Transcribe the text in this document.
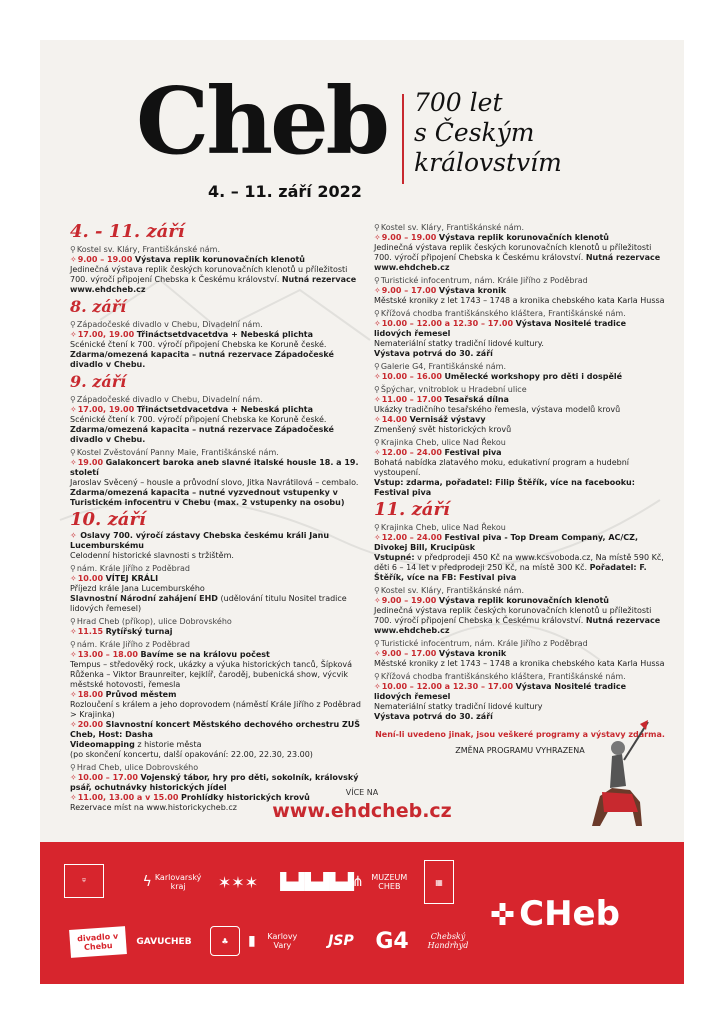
Cheb 700 let
s Českým
královstvím
4. – 11. září 2022
4. - 11. září
⚲ Kostel sv. Kláry, Františkánské nám.
✧ 9.00 – 19.00 Výstava replik korunovačních klenotů
Jedinečná výstava replik českých korunovačních klenotů u příležitosti 700. výročí připojení Chebska k Českému království. Nutná rezervace www.ehdcheb.cz
8. září
⚲ Západočeské divadlo v Chebu, Divadelní nám.
✧ 17.00, 19.00 Třináctsetdvacetdva + Nebeská plichta
Scénické čtení k 700. výročí připojení Chebska ke Koruně české. Zdarma/omezená kapacita – nutná rezervace Západočeské divadlo v Chebu.
9. září
⚲ Západočeské divadlo v Chebu, Divadelní nám.
✧ 17.00, 19.00 Třináctsetdvacetdva + Nebeská plichta
Scénické čtení k 700. výročí připojení Chebska ke Koruně české. Zdarma/omezená kapacita – nutná rezervace Západočeské divadlo v Chebu.
⚲ Kostel Zvěstování Panny Maie, Františkánské nám.
✧ 19.00 Galakoncert baroka aneb slavné italské housle 18. a 19. století
Jaroslav Svěcený – housle a průvodní slovo, Jitka Navrátilová – cembalo. Zdarma/omezená kapacita – nutné vyzvednout vstupenky v Turistickém infocentru v Chebu (max. 2 vstupenky na osobu)
10. září
✧ Oslavy 700. výročí zástavy Chebska českému králi Janu Lucemburskému
Celodenní historické slavnosti s tržištěm.
⚲ nám. Krále Jiřího z Poděbrad
✧ 10.00 VÍTEJ KRÁLI
Příjezd krále Jana Lucemburského
Slavnostní Národní zahájení EHD (udělování titulu Nositel tradice lidových řemesel)
⚲ Hrad Cheb (příkop), ulice Dobrovského
✧ 11.15 Rytířský turnaj
⚲ nám. Krále Jiřího z Poděbrad
✧ 13.00 – 18.00 Bavíme se na královu počest
Tempus – středověký rock, ukázky a výuka historických tanců, Šípková Růženka – Viktor Braunreiter, kejklíř, čaroděj, bubenická show, výcvik městské hotovosti, řemesla
✧ 18.00 Průvod městem
Rozloučení s králem a jeho doprovodem (náměstí Krále Jiřího z Poděbrad > Krajinka)
✧ 20.00 Slavnostní koncert Městského dechového orchestru ZUŠ Cheb, Host: Dasha
Videomapping z historie města
(po skončení koncertu, další opakování: 22.00, 22.30, 23.00)
⚲ Hrad Cheb, ulice Dobrovského
✧ 10.00 – 17.00 Vojenský tábor, hry pro děti, sokolník, královský psář, ochutnávky historických jídel
✧ 11.00, 13.00 a v 15.00 Prohlídky historických krovů
Rezervace míst na www.historickycheb.cz
⚲ Kostel sv. Kláry, Františkánské nám.
✧ 9.00 – 19.00 Výstava replik korunovačních klenotů
Jedinečná výstava replik českých korunovačních klenotů u příležitosti 700. výročí připojení Chebska k Českému království. Nutná rezervace www.ehdcheb.cz
⚲ Turistické infocentrum, nám. Krále Jiřího z Poděbrad
✧ 9.00 – 17.00 Výstava kronik
Městské kroniky z let 1743 – 1748 a kronika chebského kata Karla Hussa
⚲ Křížová chodba františkánského kláštera, Františkánské nám.
✧ 10.00 – 12.00 a 12.30 – 17.00 Výstava Nositelé tradice lidových řemesel
Nemateriální statky tradiční lidové kultury.
Výstava potrvá do 30. září
⚲ Galerie G4, Františkánské nám.
✧ 10.00 – 16.00 Umělecké workshopy pro děti i dospělé
⚲ Špýchar, vnitroblok u Hradební ulice
✧ 11.00 – 17.00 Tesařská dílna
Ukázky tradičního tesařského řemesla, výstava modelů krovů
✧ 14.00 Vernisáž výstavy
Zmenšený svět historických krovů
⚲ Krajinka Cheb, ulice Nad Řekou
✧ 12.00 – 24.00 Festival piva
Bohatá nabídka zlatavého moku, edukativní program a hudební vystoupení.
Vstup: zdarma, pořadatel: Filip Štěřík, více na facebooku: Festival piva
11. září
⚲ Krajinka Cheb, ulice Nad Řekou
✧ 12.00 – 24.00 Festival piva - Top Dream Company, AC/CZ, Divokej Bill, Krucipüsk
Vstupné: v předprodeji 450 Kč na www.kcsvoboda.cz, Na místě 590 Kč, děti 6 – 14 let v předprodeji 250 Kč, na místě 300 Kč. Pořadatel: F. Štěřík, více na FB: Festival piva
⚲ Kostel sv. Kláry, Františkánské nám.
✧ 9.00 – 19.00 Výstava replik korunovačních klenotů
Jedinečná výstava replik českých korunovačních klenotů u příležitosti 700. výročí připojení Chebska k Českému království. Nutná rezervace www.ehdcheb.cz
⚲ Turistické infocentrum, nám. Krále Jiřího z Poděbrad
✧ 9.00 – 17.00 Výstava kronik
Městské kroniky z let 1743 – 1748 a kronika chebského kata Karla Hussa
⚲ Křížová chodba františkánského kláštera, Františkánské nám.
✧ 10.00 – 12.00 a 12.30 – 17.00 Výstava Nositelé tradice lidových řemesel
Nemateriální statky tradiční lidové kultury
Výstava potrvá do 30. září
Není-li uvedeno jinak, jsou veškeré programy a výstavy zdarma.
ZMĚNA PROGRAMU VYHRAZENA
VÍCE NA
www.ehdcheb.cz
⛨	ϟ Karlovarský kraj	✶✶✶ ▙▟▙▟▙▟
⋔ MUZEUM CHEB	▦
divadlo v Chebu	GAVUCHEB	♣ ▮	Karlovy Vary	JSP G4	Chebský Handrhyd
✜ CHeb
